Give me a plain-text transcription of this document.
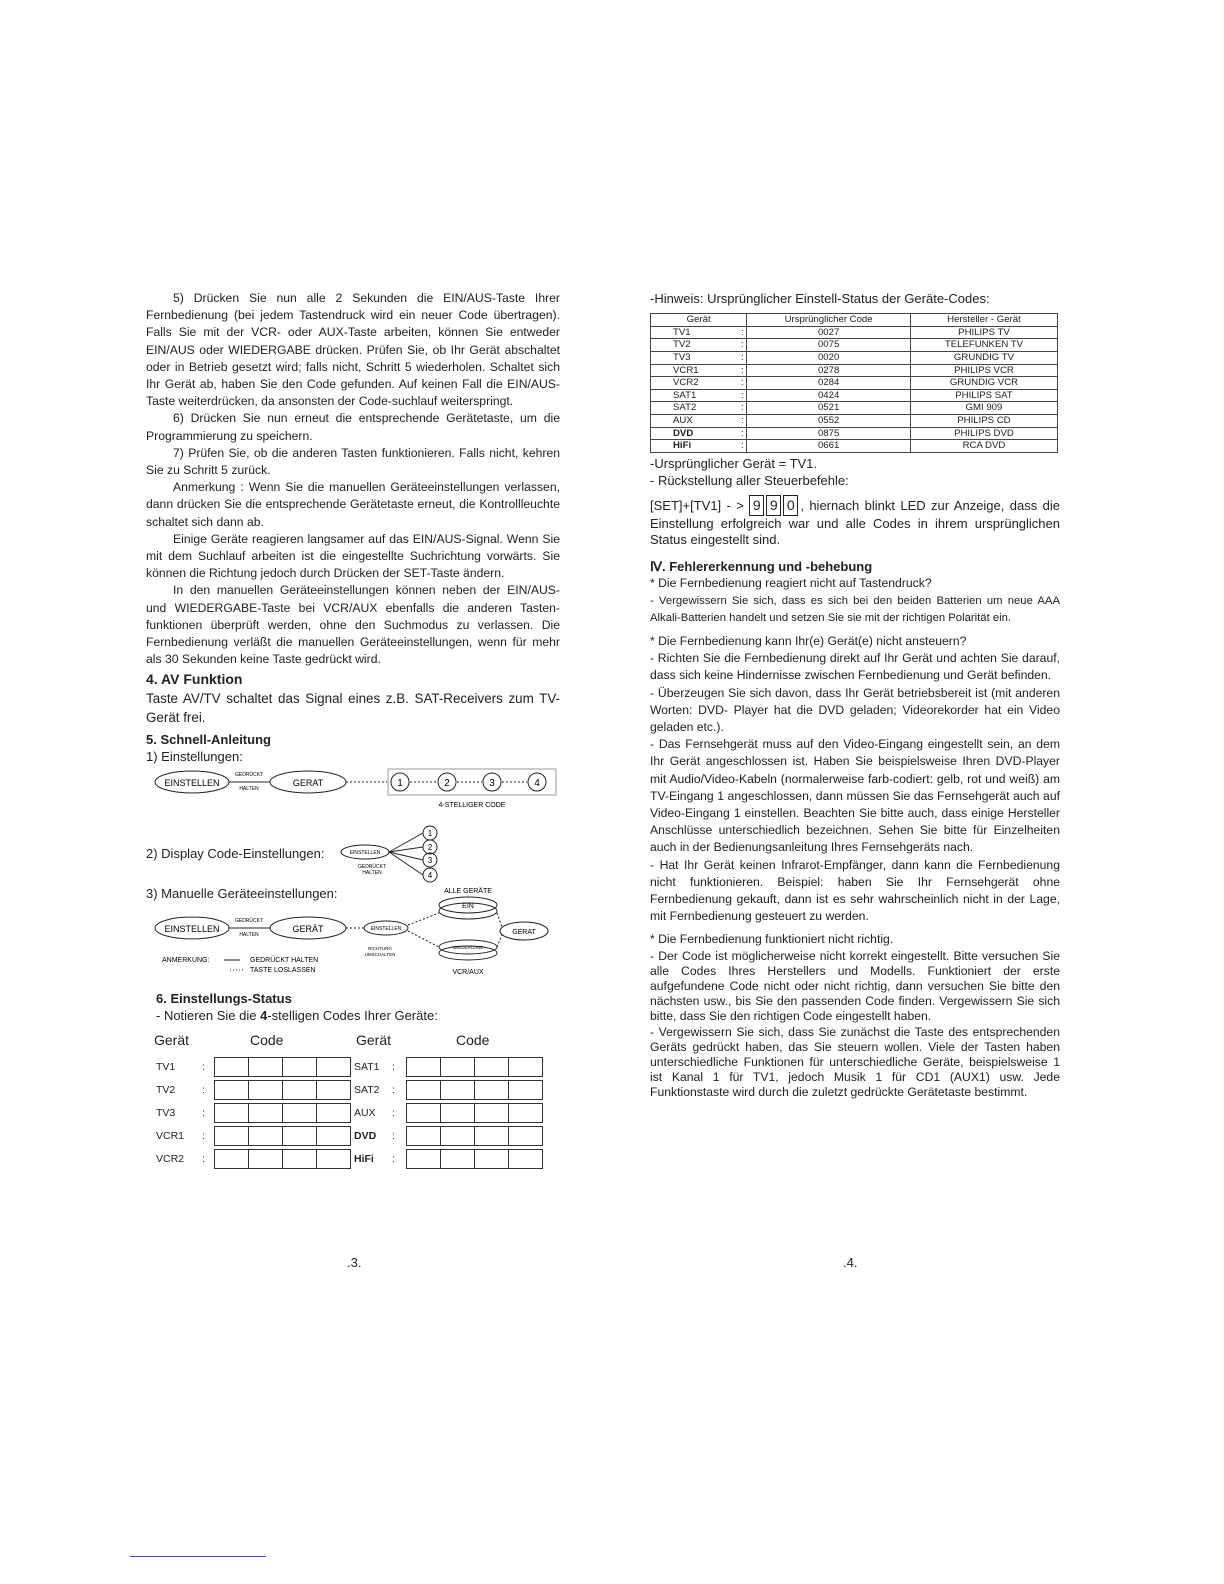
5) Drücken Sie nun alle 2 Sekunden die EIN/AUS-Taste Ihrer Fernbedienung (bei jedem Tastendruck wird ein neuer Code übertragen). Falls Sie mit der VCR- oder AUX-Taste arbeiten, können Sie entweder EIN/AUS oder WIEDERGABE drücken. Prüfen Sie, ob Ihr Gerät abschaltet oder in Betrieb gesetzt wird; falls nicht, Schritt 5 wiederholen. Schaltet sich Ihr Gerät ab, haben Sie den Code gefunden. Auf keinen Fall die EIN/AUS-Taste weiterdrücken, da ansonsten der Code-suchlauf weiterspringt.

6) Drücken Sie nun erneut die entsprechende Gerätetaste, um die Programmierung zu speichern.

7) Prüfen Sie, ob die anderen Tasten funktionieren. Falls nicht, kehren Sie zu Schritt 5 zurück.

Anmerkung : Wenn Sie die manuellen Geräteeinstellungen verlassen, dann drücken Sie die entsprechende Gerätetaste erneut, die Kontrollleuchte schaltet sich dann ab.

Einige Geräte reagieren langsamer auf das EIN/AUS-Signal. Wenn Sie mit dem Suchlauf arbeiten ist die eingestellte Suchrichtung vorwärts. Sie können die Richtung jedoch durch Drücken der SET-Taste ändern.

In den manuellen Geräteeinstellungen können neben der EIN/AUS- und WIEDERGABE-Taste bei VCR/AUX ebenfalls die anderen Tasten- funktionen überprüft werden, ohne den Suchmodus zu verlassen. Die Fernbedienung verläßt die manuellen Geräteeinstellungen, wenn für mehr als 30 Sekunden keine Taste gedrückt wird.

4. AV Funktion

Taste AV/TV schaltet das Signal eines z.B. SAT-Receivers zum TV-Gerät frei.

5. Schnell-Anleitung
1) Einstellungen:
EINSTELLEN
GEDRÜCKT
HALTEN
GERAT	1	2	3	4
4-STELLIGER CODE
2) Display Code-Einstellungen:	EINSTELLEN
GEDRÜCKT
HALTEN
1
2
3
4
3) Manuelle Geräteeinstellungen:	ALLE GERÄTE
EIN
EINSTELLEN
GEDRÜCKT
HALTEN
GERÄT	EINSTELLEN
RICHTUNG
UMSCHALTEN
WIEDERGABE
VCR/AUX
GERAT
ANMERKUNG:	GEDRÜCKT HALTEN
TASTE LOSLASSEN
6. Einstellungs-Status
- Notieren Sie die 4-stelligen Codes Ihrer Geräte:
Gerät	Code	Gerät	Code
TV1	:	SAT1	:
TV2	:	SAT2	:
TV3	:	AUX	:
VCR1	:	DVD	:
VCR2	:	HiFi	:
.3.
-Hinweis: Ursprünglicher Einstell-Status der Geräte-Codes:
Gerät		Ursprünglicher Code	Hersteller - Gerät
TV1	:	0027	PHILIPS TV
TV2	:	0075	TELEFUNKEN TV
TV3	:	0020	GRUNDIG TV
VCR1	:	0278	PHILIPS VCR
VCR2	:	0284	GRUNDIG VCR
SAT1	:	0424	PHILIPS SAT
SAT2	:	0521	GMI 909
AUX	:	0552	PHILIPS CD
DVD	:	0875	PHILIPS DVD
HiFi	:	0661	RCA DVD
-Ursprünglicher Gerät = TV1.
- Rückstellung aller Steuerbefehle:

[SET]+[TV1] - > 9 9 0 , hiernach blinkt LED zur Anzeige, dass die Einstellung erfolgreich war und alle Codes in ihrem ursprünglichen Status eingestellt sind.

Ⅳ. Fehlererkennung und -behebung
* Die Fernbedienung reagiert nicht auf Tastendruck?

- Vergewissern Sie sich, dass es sich bei den beiden Batterien um neue AAA Alkali-Batterien handelt und setzen Sie sie mit der richtigen Polarität ein.

* Die Fernbedienung kann Ihr(e) Gerät(e) nicht ansteuern?

- Richten Sie die Fernbedienung direkt auf Ihr Gerät und achten Sie darauf, dass sich keine Hindernisse zwischen Fernbedienung und Gerät befinden.

- Überzeugen Sie sich davon, dass Ihr Gerät betriebsbereit ist (mit anderen Worten: DVD- Player hat die DVD geladen; Videorekorder hat ein Video geladen etc.).

- Das Fernsehgerät muss auf den Video-Eingang eingestellt sein, an dem Ihr Gerät angeschlossen ist. Haben Sie beispielsweise Ihren DVD-Player mit Audio/Video-Kabeln (normalerweise farb-codiert: gelb, rot und weiß) am TV-Eingang 1 angeschlossen, dann müssen Sie das Fernsehgerät auch auf Video-Eingang 1 einstellen. Beachten Sie bitte auch, dass einige Hersteller Anschlüsse unterschiedlich bezeichnen. Sehen Sie bitte für Einzelheiten auch in der Bedienungsanleitung Ihres Fernsehgeräts nach.

- Hat Ihr Gerät keinen Infrarot-Empfänger, dann kann die Fernbedienung nicht funktionieren. Beispiel: haben Sie Ihr Fernsehgerät ohne Fernbedienung gekauft, dann ist es sehr wahrscheinlich nicht in der Lage, mit Fernbedienung gesteuert zu werden.

* Die Fernbedienung funktioniert nicht richtig.

- Der Code ist möglicherweise nicht korrekt eingestellt. Bitte versuchen Sie alle Codes Ihres Herstellers und Modells. Funktioniert der erste aufgefundene Code nicht oder nicht richtig, dann versuchen Sie bitte den nächsten usw., bis Sie den passenden Code finden. Vergewissern Sie sich bitte, dass Sie den richtigen Code eingestellt haben.

- Vergewissern Sie sich, dass Sie zunächst die Taste des entsprechenden Geräts gedrückt haben, das Sie steuern wollen. Viele der Tasten haben unterschiedliche Funktionen für unterschiedliche Geräte, beispielsweise 1 ist Kanal 1 für TV1, jedoch Musik 1 für CD1 (AUX1) usw. Jede Funktionstaste wird durch die zuletzt gedrückte Gerätetaste bestimmt.

.4.
